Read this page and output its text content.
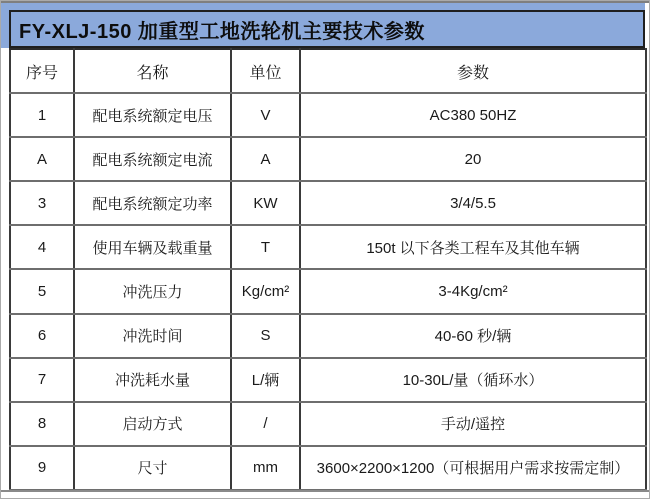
FY-XLJ-150 加重型工地洗轮机主要技术参数
序号	名称	单位	参数
1	配电系统额定电压	V	AC380 50HZ
A	配电系统额定电流	A	20
3	配电系统额定功率	KW	3/4/5.5
4	使用车辆及载重量	T	150t 以下各类工程车及其他车辆
5	冲洗压力	Kg/cm²	3-4Kg/cm²
6	冲洗时间	S	40-60 秒/辆
7	冲洗耗水量	L/辆	10-30L/量（循环水）
8	启动方式	/	手动/遥控
9	尺寸	mm	3600×2200×1200（可根据用户需求按需定制）
